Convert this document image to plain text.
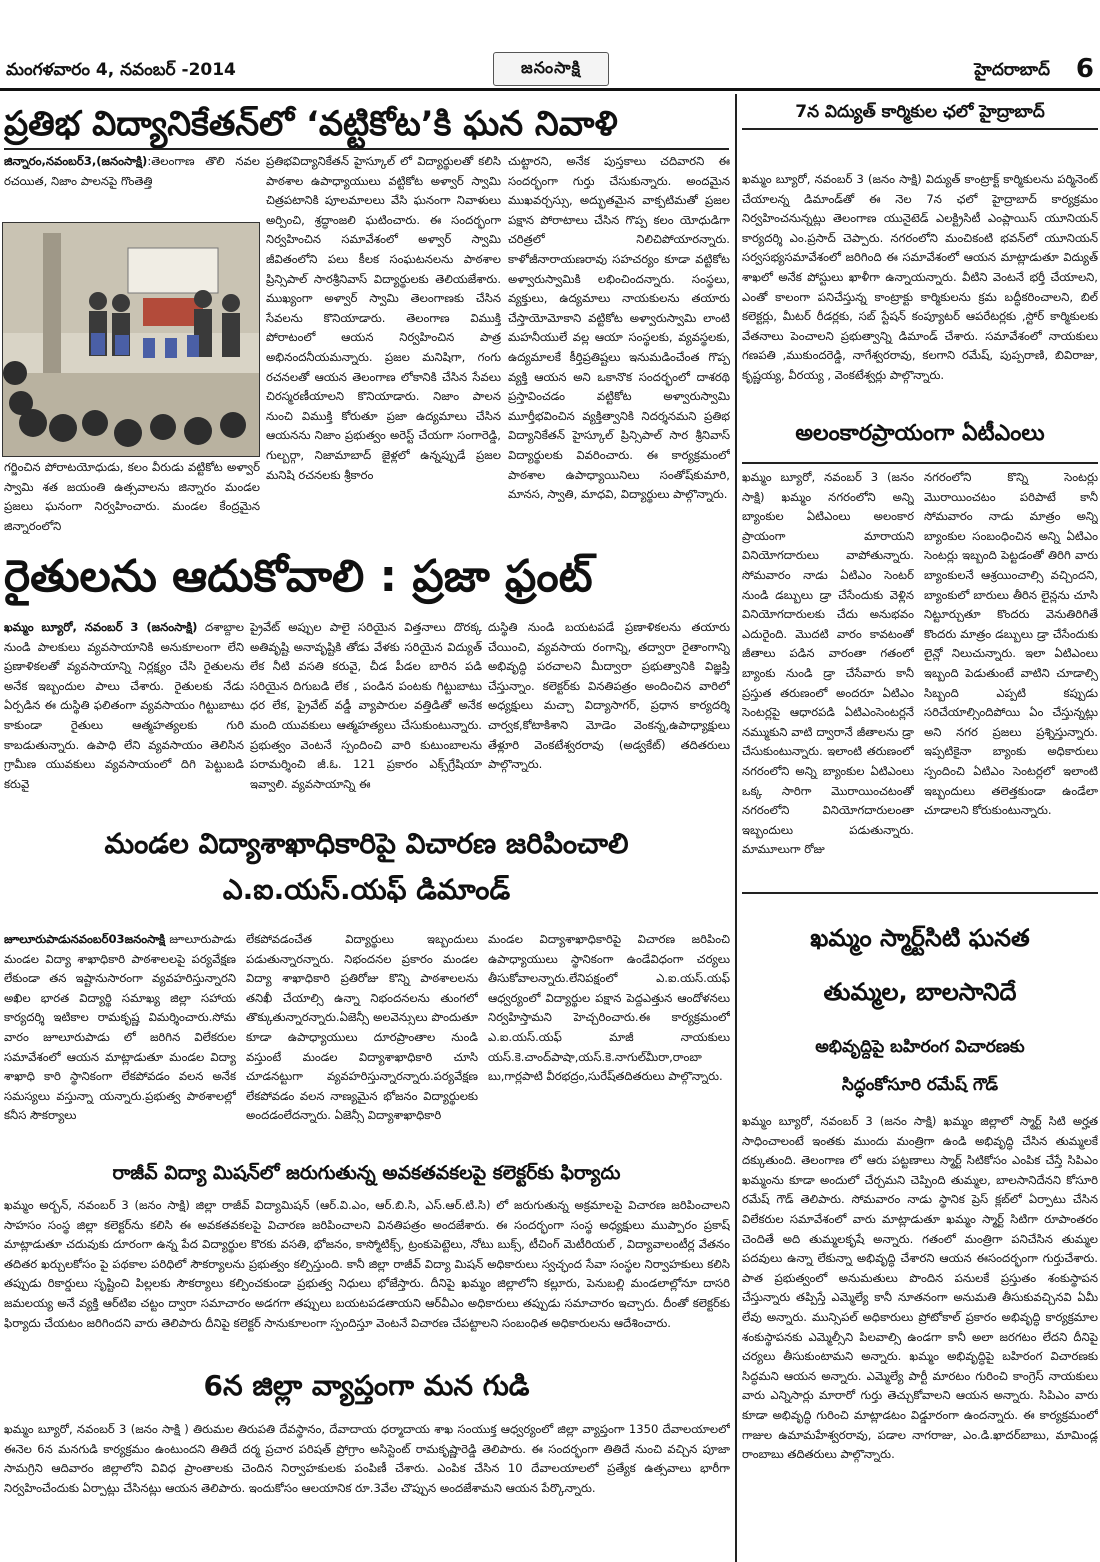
మంగళవారం 4, నవంబర్ -2014	జనంసాక్షి	హైదరాబాద్ 6
ప్రతిభ విద్యానికేతన్‌లో ‘వట్టికోట’కి ఘన నివాళి
జిన్నారం,నవంబర్3,(జనంసాక్షి):తెలంగాణ తొలి నవల రచయిత, నిజాం పాలనపై గొంతెత్తి
గర్జించిన పోరాటయోధుడు, కలం వీరుడు వట్టికోట అళ్వార్ స్వామి శత జయంతి ఉత్సవాలను జిన్నారం మండల ప్రజలు ఘనంగా నిర్వహించారు. మండల కేంద్రమైన జిన్నారంలోని
ప్రతిభవిద్యానికేతన్ హైస్కూల్ లో విద్యార్థులతో కలిసి పాఠశాల ఉపాధ్యాయులు వట్టికోట అళ్వార్ స్వామి చిత్రపటానికి పూలమాలలు వేసి ఘనంగా నివాళులు అర్పించి, శ్రద్ధాంజలి ఘటించారు. ఈ సందర్భంగా నిర్వహించిన సమావేశంలో అళ్వార్ స్వామి జీవితంలోని పలు కీలక సంఘటనలను పాఠశాల ప్రిన్సిపాల్ సారశ్రీనివాస్ విద్యార్థులకు తెలియజేశారు. ముఖ్యంగా అళ్వార్ స్వామి తెలంగాణకు చేసిన సేవలను కొనియాడారు. తెలంగాణ విముక్తి పోరాటంలో ఆయన నిర్వహించిన పాత్ర అభినందనీయమన్నారు. ప్రజల మనిషిగా, గంగు రచనలతో ఆయన తెలంగాణ లోకానికి చేసిన సేవలు చిరస్మరణీయాలని కొనియాడారు. నిజాం పాలన నుంచి విముక్తి కోరుతూ ప్రజా ఉద్యమాలు చేసిన ఆయనను నిజాం ప్రభుత్వం అరెస్ట్ చేయగా సంగారెడ్డి, గుల్బర్గా, నిజామాబాద్ జైళ్లలో ఉన్నప్పుడే ప్రజల మనిషి రచనలకు శ్రీకారం
చుట్టారని, అనేక పుస్తకాలు చదివారని ఈ సందర్భంగా గుర్తు చేసుకున్నారు. అందమైన ముఖవర్చస్సు, అద్భుతమైన వాక్పటిమతో ప్రజల పక్షాన పోరాటాలు చేసిన గొప్ప కలం యోధుడిగా చరిత్రలో నిలిచిపోయారన్నారు. కాళోజీనారాయణరావు సహచర్యం కూడా వట్టికోట అళ్వారుస్వామికి లభించిందన్నారు. సంస్థలు, వ్యక్తులు, ఉద్యమాలు నాయకులను తయారు చేస్తాయోమోకాని వట్టికోట అళ్వారుస్వామి లాంటి మహనీయులే వల్ల ఆయా సంస్థలకు, వ్యవస్థలకు, ఉద్యమాలకే కీర్తిప్రతిష్టలు ఇనుమడించేంత గొప్ప వ్యక్తి ఆయన అని ఒకానొక సందర్భంలో దాశరథి ప్రస్తావించడం వట్టికోట అళ్వారుస్వామి మూర్తీభవించిన వ్యక్తిత్వానికి నిదర్శనమని ప్రతిభ విద్యానికేతన్ హైస్కూల్ ప్రిన్సిపాల్ సార శ్రీనివాస్ విద్యార్థులకు వివరించారు. ఈ కార్యక్రమంలో పాఠశాల ఉపాధ్యాయినిలు సంతోష్‌కుమారి, మానస, స్వాతి, మాధవి, విద్యార్థులు పాల్గొన్నారు.
రైతులను ఆదుకోవాలి : ప్రజా ఫ్రంట్
ఖమ్మం బ్యూరో, నవంబర్ 3 (జనంసాక్షి) దశాబ్దాల నుండి పాలకులు వ్యవసాయానికి అనుకూలంగా లేని ప్రణాళికలతో వ్యవసాయాన్ని నిర్లక్ష్యం చేసి రైతులను అనేక ఇబ్బందుల పాలు చేశారు. రైతులకు నేడు ఏర్పడిన ఈ దుస్థితి ఫలితంగా వ్యవసాయం గిట్టుబాటు కాకుండా రైతులు ఆత్మహత్యలకు గురి కాబడుతున్నారు. ఉపాధి లేని వ్యవసాయం తెలిసిన గ్రామీణ యువకులు వ్యవసాయంలో దిగి పెట్టుబడి కరువై
ప్రైవేట్ అప్పుల పాలై సరియైన విత్తనాలు దొరక్క అతివృష్టి అనావృష్టికి తోడు వేళకు సరియైన విద్యుత్ లేక నీటి వసతి కరువై, చీడ పీడల బారిన పడి సరియైన దిగుబడి లేక , పండిన పంటకు గిట్టుబాటు ధర లేక, ప్రైవేట్ వడ్డీ వ్యాపారుల వత్తిడితో అనేక మంది యువకులు ఆత్మహత్యలు చేసుకుంటున్నారు. ప్రభుత్వం వెంటనే స్పందించి వారి కుటుంబాలను పరామర్శించి జీ.ఓ. 121 ప్రకారం ఎక్స్‌గ్రేషియా ఇవ్వాలి. వ్యవసాయాన్ని ఈ
దుస్థితి నుండి బయటపడే ప్రణాళికలను తయారు చేయించి, వ్యవసాయ రంగాన్ని, తద్వారా రైతాంగాన్ని అభివృద్ధి పరచాలని మీద్వారా ప్రభుత్వానికి విజ్ఞప్తి చేస్తున్నాం. కలెక్టర్‌కు వినతిపత్రం అందించిన వారిలో అధ్యక్షులు మచ్చా విద్యాసాగర్, ప్రధాన కార్యదర్శి చార్వక,కోటాకిశాని మోడెం వెంకన్న,ఉపాధ్యాక్షులు తేళ్లూరి వెంకటేశ్వరరావు (అడ్వకేట్) తదితరులు పాల్గొన్నారు.
మండల విద్యాశాఖాధికారిపై విచారణ జరిపించాలి
ఎ.ఐ.యస్.యఫ్ డిమాండ్
జూలూరుపాడునవంబర్03జనంసాక్షి జూలూరుపాడు మండల విద్యా శాఖాధికారి పాఠశాలలపై పర్యవేక్షణ లేకుండా తన ఇష్టానుసారంగా వ్యవహరిస్తున్నారని అఖిల భారత విద్యార్థి సమాఖ్య జిల్లా సహాయ కార్యదర్శి ఇటికాల రామకృష్ణ విమర్శించారు.సోమ వారం జూలూరుపాడు లో జరిగిన విలేకరుల సమావేశంలో ఆయన మాట్లాడుతూ మండల విద్యా శాఖాధి కారి స్థానికంగా లేకపోవడం వలన అనేక సమస్యలు వస్తున్నా యన్నారు.ప్రభుత్వ పాఠశాలల్లో కనీస సౌకర్యాలు
లేకపోవడంచేత విద్యార్థులు ఇబ్బందులు పడుతున్నారన్నారు. నిభందనల ప్రకారం మండల విద్యా శాఖాధికారి ప్రతిరోజు కొన్ని పాఠశాలలను తనిఖీ చేయాల్సి ఉన్నా నిభందనలను తుంగలో తొక్కుతున్నారన్నారు.ఏజెన్సీ అలవెన్సులు పొందుతూ కూడా ఉపాధ్యాయులు దూరప్రాంతాల నుండి వస్తుంటే మండల విద్యాశాఖాధికారి చూసి చూడనట్టుగా వ్యవహరిస్తున్నారన్నారు.పర్యవేక్షణ లేకపోవడం వలన నాణ్యమైన భోజనం విద్యార్థులకు అందడంలేదన్నారు. ఏజెన్సీ విద్యాశాఖాధికారి
మండల విద్యాశాఖాధికారిపై విచారణ జరిపించి ఉపాధ్యాయులు స్థానికంగా ఉండేవిధంగా చర్యలు తీసుకోవాలన్నారు.లేనిపక్షంలో ఎ.ఐ.యస్.యఫ్ ఆధ్వర్యంలో విద్యార్థుల పక్షాన పెద్దఎత్తున ఆందోళనలు నిర్వహిస్తామని హెచ్చరించారు.ఈ కార్యక్రమంలో ఎ.ఐ.యస్.యఫ్ మాజీ నాయకులు యస్.కె.చాంద్‌పాషా,యస్.కె.నాగుల్‌మీరా,రాంబా బు,గార్లపాటి వీరభద్రం,సురేష్‌తదితరులు పాల్గొన్నారు.
రాజీవ్ విద్యా మిషన్‌లో జరుగుతున్న అవకతవకలపై కలెక్టర్‌కు ఫిర్యాదు
ఖమ్మం అర్బన్, నవంబర్ 3 (జనం సాక్షి) జిల్లా రాజీవ్ విద్యామిషన్ (ఆర్.వి.ఎం, ఆర్.బి.సి, ఎస్.ఆర్.టి.సి) లో జరుగుతున్న అక్రమాలపై విచారణ జరిపించాలని సాహసం సంస్థ జిల్లా కలెక్టర్‌ను కలిసి ఈ అవకతవకలపై విచారణ జరిపించాలని వినతిపత్రం అందజేశారు. ఈ సందర్భంగా సంస్థ అధ్యక్షులు ముప్పారం ప్రకాష్ మాట్లాడుతూ చదువుకు దూరంగా ఉన్న పేద విద్యార్థుల కొరకు వసతి, భోజనం, కాస్మోటిక్స్, ట్రంకుపెట్టెలు, నోటు బుక్స్, టీచింగ్ మెటీరియల్ , విద్యావాలంటీర్ల వేతనం తదితర ఖర్చులకోసం పై పథకాల పరిధిలో సౌకర్యాలను ప్రభుత్వం కల్పిస్తుంది. కానీ జిల్లా రాజీవ్ విద్యా మిషన్ అధికారులు స్వచ్ఛంద సేవా సంస్థల నిర్వాహకులు కలిసి తప్పుడు రికార్డులు సృష్టించి పిల్లలకు సౌకర్యాలు కల్పించకుండా ప్రభుత్వ నిధులు భోజేస్తారు. దీనిపై ఖమ్మం జిల్లాలోని కల్లూరు, పెనుబల్లి మండలాల్లోనూ దాసరి జమలయ్య అనే వ్యక్తి ఆర్‌టిఐ చట్టం ద్వారా సమాచారం అడగగా తప్పులు బయటపడతాయని ఆర్‌వీఎం అధికారులు తప్పుడు సమాచారం ఇచ్చారు. దీంతో కలెక్టర్‌కు ఫిర్యాదు చేయటం జరిగిందని వారు తెలిపారు దీనిపై కలెక్టర్ సానుకూలంగా స్పందిస్తూ వెంటనే విచారణ చేపట్టాలని సంబంధిత అధికారులను ఆదేశించారు.
6న జిల్లా వ్యాప్తంగా మన గుడి
ఖమ్మం బ్యూరో, నవంబర్ 3 (జనం సాక్షి ) తిరుమల తిరుపతి దేవస్థానం, దేవాదాయ ధర్మాదాయ శాఖ సంయుక్త ఆధ్వర్యంలో జిల్లా వ్యాప్తంగా 1350 దేవాలయాలలో ఈనెల 6న మనగుడి కార్యక్రమం ఉంటుందని తితిదే దర్మ ప్రచార పరిషత్ ప్రోగ్రాం అసిస్టెంట్ రామకృష్ణారెడ్డి తెలిపారు. ఈ సందర్భంగా తితిదే నుంచి వచ్చిన పూజా సామగ్రిని ఆదివారం జిల్లాలోని వివిధ ప్రాంతాలకు చెందిన నిర్వాహకులకు పంపిణీ చేశారు. ఎంపిక చేసిన 10 దేవాలయాలలో ప్రత్యేక ఉత్సవాలు భారీగా నిర్వహించేందుకు ఏర్పాట్లు చేసినట్లు ఆయన తెలిపారు. ఇందుకోసం ఆలయానిక రూ.3వేల చొప్పున అందజేశామని ఆయన పేర్కొన్నారు.
7న విద్యుత్ కార్మికుల ఛలో హైద్రాబాద్
ఖమ్మం బ్యూరో, నవంబర్ 3 (జనం సాక్షి) విద్యుత్ కాంట్రాక్ట్ కార్మికులను పర్మినెంట్ చేయాలన్న డిమాండ్‌తో ఈ నెల 7న ఛలో హైద్రాబాద్ కార్యక్రమం నిర్వహించనున్నట్లు తెలంగాణ యునైటెడ్ ఎలక్ట్రిసిటీ ఎంప్లాయిస్ యూనియన్ కార్యదర్శి ఎం.ప్రసాద్ చెప్పారు. నగరంలోని మంచికంటి భవన్‌లో యూనియన్ సర్వసభ్యసమావేశంలో జరిగింది ఈ సమావేశంలో ఆయన మాట్లాడుతూ విద్యుత్ శాఖలో అనేక పోస్టులు ఖాళీగా ఉన్నాయన్నారు. వీటిని వెంటనే భర్తీ చేయాలని, ఎంతో కాలంగా పనిచేస్తున్న కాంట్రాక్టు కార్మికులను క్రమ బద్ధీకరించాలని, బిల్ కలెక్టర్లు, మీటర్ రీడర్లకు, సబ్ స్టేషన్ కంప్యూటర్ ఆపరేటర్లకు ,స్టోర్ కార్మికులకు వేతనాలు పెంచాలని ప్రభుత్వాన్ని డిమాండ్ చేశారు. సమావేశంలో నాయకులు గణపతి ,ముకుందరెడ్డి, నాగేశ్వరరావు, కలగాని రమేష్, పుప్పరాణి, బివిరాజు, కృష్ణయ్య, వీరయ్య , వెంకటేశ్వర్లు పాల్గొన్నారు.
అలంకారప్రాయంగా ఏటీఎంలు
ఖమ్మం బ్యూరో, నవంబర్ 3 (జనం సాక్షి) ఖమ్మం నగరంలోని అన్ని బ్యాంకుల ఏటిఎంలు అలంకార ప్రాయంగా మారాయని వినియోగదారులు వాపోతున్నారు. సోమవారం నాడు ఏటిఎం సెంటర్ నుండి డబ్బులు డ్రా చేసేందుకు వెళ్లిన వినియోగదారులకు చేదు అనుభవం ఎదురైంది. మొదటి వారం కావటంతో జీతాలు పడిన వారంతా గతంలో బ్యాంకు నుండి డ్రా చేసేవారు కానీ ప్రస్తుత తరుణంలో అందరూ ఏటిఎం సెంటర్లపై ఆధారపడి ఏటిఎంసెంటర్లనే నమ్ముకుని వాటి ద్వారానే జీతాలను డ్రా చేసుకుంటున్నారు. ఇలాంటి తరుణంలో నగరంలోని అన్ని బ్యాంకుల ఏటిఎంలు ఒక్క సారిగా మొరాయించటంతో నగరంలోని వినియోగదారులంతా ఇబ్బందులు పడుతున్నారు. మామూలుగా రోజు
నగరంలోని కొన్ని సెంటర్లు మొరాయించటం పరిపాటే కానీ సోమవారం నాడు మాత్రం అన్ని బ్యాంకుల సంబంధించిన అన్ని ఏటిఎం సెంటర్లు ఇబ్బంది పెట్టడంతో తిరిగి వారు బ్యాంకులనే ఆశ్రయించాల్సి వచ్చిందని, బ్యాంకులో బారులు తీరిన లైన్లను చూసి నిట్టూర్చుతూ కొందరు వెనుతిరిగితే కొందరు మాత్రం డబ్బులు డ్రా చేసేందుకు లైన్లో నిలుచున్నారు. ఇలా ఏటిఎంలు ఇబ్బంది పెడుతుంటే వాటిని చూడాల్సి సిబ్బంది ఎప్పటి కప్పుడు సరిచేయాల్సిందిపోయి ఏం చేస్తున్నట్లు అని నగర ప్రజలు ప్రశ్నిస్తున్నారు. ఇప్పటికైనా బ్యాంకు అధికారులు స్పందించి ఏటిఎం సెంటర్లలో ఇలాంటి ఇబ్బందులు తలెత్తకుండా ఉండేలా చూడాలని కోరుకుంటున్నారు.
ఖమ్మం స్మార్ట్‌సిటి ఘనత
తుమ్మల, బాలసానిదే
అభివృద్దిపై బహిరంగ విచారణకు
సిద్ధంకోసూరి రమేష్ గౌడ్
ఖమ్మం బ్యూరో, నవంబర్ 3 (జనం సాక్షి) ఖమ్మం జిల్లాలో స్మార్ట్ సిటి అర్హత సాధించాలంటే ఇంతకు ముందు మంత్రిగా ఉండి అభివృద్ధి చేసిన తుమ్మలకే దక్కుతుంది. తెలంగాణ లో ఆరు పట్టణాలు స్మార్ట్ సిటికోసం ఎంపిక చేస్తే సిపిఎం ఖమ్మంను కూడా అందులో చేర్చమని చెప్పింది తుమ్మల, బాలసానిదేనని కోసూరి రమేష్ గౌడ్ తెలిపారు. సోమవారం నాడు స్థానిక ప్రెస్ క్లబ్‌లో ఏర్పాటు చేసిన విలేకరుల సమావేశంలో వారు మాట్లాడుతూ ఖమ్మం స్మార్ట్ సిటిగా రూపాంతరం చెందితే అది తుమ్మలకృషే అన్నారు. గతంలో మంత్రిగా పనిచేసిన తుమ్మల పదవులు ఉన్నా లేకున్నా అభివృద్ధి చేశారని ఆయన ఈసందర్భంగా గుర్తుచేశారు. పాత ప్రభుత్వంలో అనుమతులు పొందిన పనులకే ప్రస్తుతం శంకుస్థాపన చేస్తున్నారు తప్పిస్తే ఎమ్మెల్యే కానీ నూతనంగా అనుమతి తీసుకువచ్చినవి ఏమీ లేవు అన్నారు. మున్సిపల్ అధికారులు ప్రోటోకాల్ ప్రకారం అభివృద్ధి కార్యక్రమాల శంకుస్థాపనకు ఎమ్మెల్సీని పిలవాల్సి ఉండగా కానీ అలా జరగటం లేదని దీనిపై చర్యలు తీసుకుంటామని అన్నారు. ఖమ్మం అభివృద్ధిపై బహిరంగ విచారణకు సిద్ధమని ఆయన అన్నారు. ఎమ్మెల్యే పార్టీ మారటం గురించి కాంగ్రెస్ నాయకులు వారు ఎన్నిసార్లు మారారో గుర్తు తెచ్చుకోవాలని ఆయన అన్నారు. సిపిఎం వారు కూడా అభివృద్ధి గురించి మాట్లాడటం విడ్డూరంగా ఉందన్నారు. ఈ కార్యక్రమంలో గాజుల ఉమామహేశ్వరరావు, పడాల నాగరాజు, ఎం.డి.ఖాదర్‌బాబు, మామిండ్ల రాంబాబు తదితరులు పాల్గొన్నారు.
